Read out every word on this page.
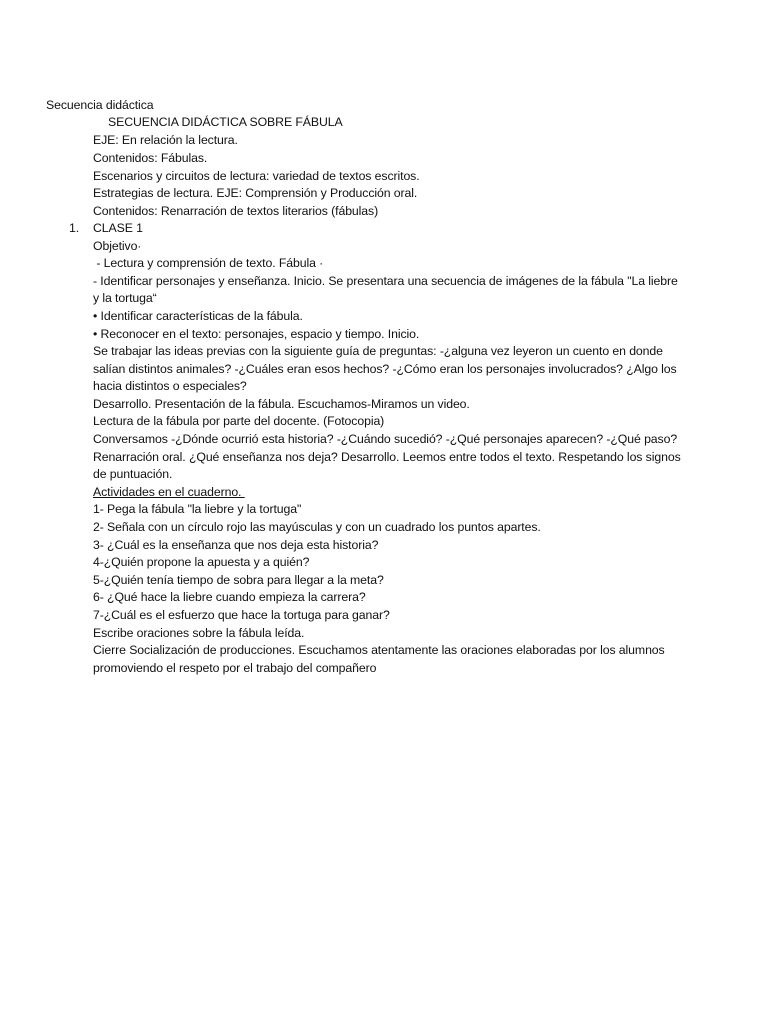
Secuencia didáctica
SECUENCIA DIDÁCTICA SOBRE FÁBULA
EJE: En relación la lectura.
Contenidos: Fábulas.
Escenarios y circuitos de lectura: variedad de textos escritos.
Estrategias de lectura. EJE: Comprensión y Producción oral.
Contenidos: Renarración de textos literarios (fábulas)
1. CLASE 1
Objetivo·
- Lectura y comprensión de texto. Fábula ·
- Identificar personajes y enseñanza. Inicio. Se presentara una secuencia de imágenes de la fábula "La liebre
y la tortuga“
• Identificar características de la fábula.
• Reconocer en el texto: personajes, espacio y tiempo. Inicio.
Se trabajar las ideas previas con la siguiente guía de preguntas: -¿alguna vez leyeron un cuento en donde
salían distintos animales? -¿Cuáles eran esos hechos? -¿Cómo eran los personajes involucrados? ¿Algo los
hacia distintos o especiales?
Desarrollo. Presentación de la fábula. Escuchamos-Miramos un video.
Lectura de la fábula por parte del docente. (Fotocopia)
Conversamos -¿Dónde ocurrió esta historia? -¿Cuándo sucedió? -¿Qué personajes aparecen? -¿Qué paso?
Renarración oral. ¿Qué enseñanza nos deja? Desarrollo. Leemos entre todos el texto. Respetando los signos
de puntuación.
Actividades en el cuaderno.
1- Pega la fábula "la liebre y la tortuga"
2- Señala con un círculo rojo las mayúsculas y con un cuadrado los puntos apartes.
3- ¿Cuál es la enseñanza que nos deja esta historia?
4-¿Quién propone la apuesta y a quién?
5-¿Quién tenía tiempo de sobra para llegar a la meta?
6- ¿Qué hace la liebre cuando empieza la carrera?
7-¿Cuál es el esfuerzo que hace la tortuga para ganar?
Escribe oraciones sobre la fábula leída.
Cierre Socialización de producciones. Escuchamos atentamente las oraciones elaboradas por los alumnos
promoviendo el respeto por el trabajo del compañero
